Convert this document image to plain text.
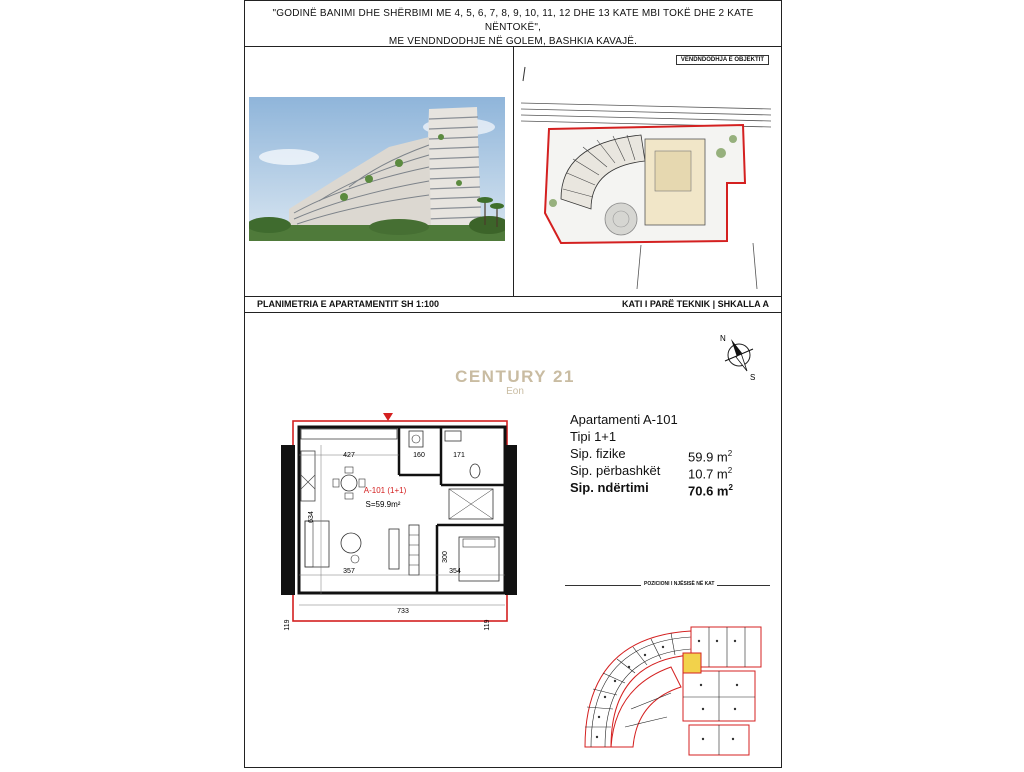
"GODINË BANIMI DHE SHËRBIMI ME 4, 5, 6, 7, 8, 9, 10, 11, 12 DHE 13 KATE MBI TOKË DHE 2 KATE NËNTOKË",
ME VENDNDODHJE NË GOLEM, BASHKIA KAVAJË.
VENDNDODHJA E OBJEKTIT
PLANIMETRIA E APARTAMENTIT SH 1:100	KATI I PARË TEKNIK | SHKALLA A
N
S
CENTURY 21
Eon
427	160	171
634
357	354
300
733
119	119
A-101 (1+1)
S=59.9m²
Apartamenti A-101
Tipi 1+1
Sip. fizike	59.9 $m^2$
Sip. përbashkët 10.7 $m^2$
Sip. ndërtimi	70.6 $m^2$
POZICIONI I NJËSISË NË KAT
